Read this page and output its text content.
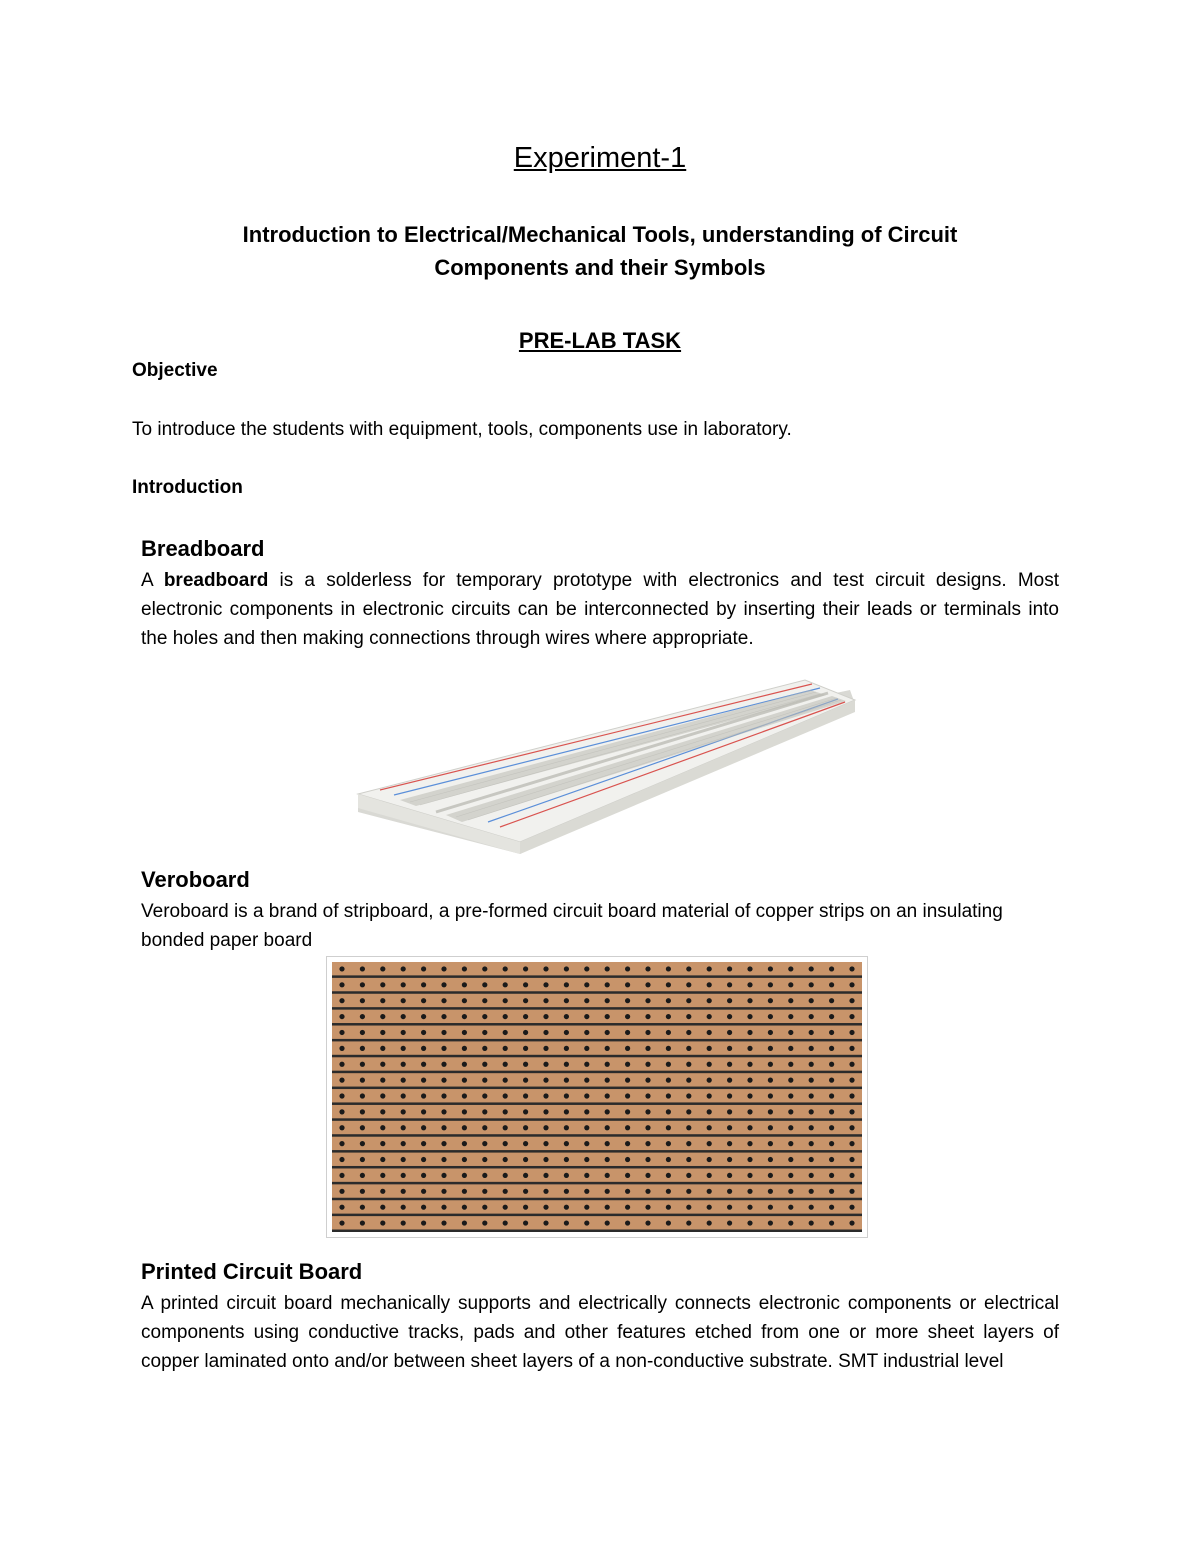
Experiment-1
Introduction to Electrical/Mechanical Tools, understanding of Circuit
Components and their Symbols
PRE-LAB TASK
Objective
To introduce the students with equipment, tools, components use in laboratory.
Introduction
Breadboard
A breadboard is a solderless for temporary prototype with electronics and test circuit designs. Most electronic components in electronic circuits can be interconnected by inserting their leads or terminals into the holes and then making connections through wires where appropriate.
Veroboard
Veroboard is a brand of stripboard, a pre-formed circuit board material of copper strips on an insulating bonded paper board
Printed Circuit Board
A printed circuit board mechanically supports and electrically connects electronic components or electrical components using conductive tracks, pads and other features etched from one or more sheet layers of copper laminated onto and/or between sheet layers of a non-conductive substrate. SMT industrial level
